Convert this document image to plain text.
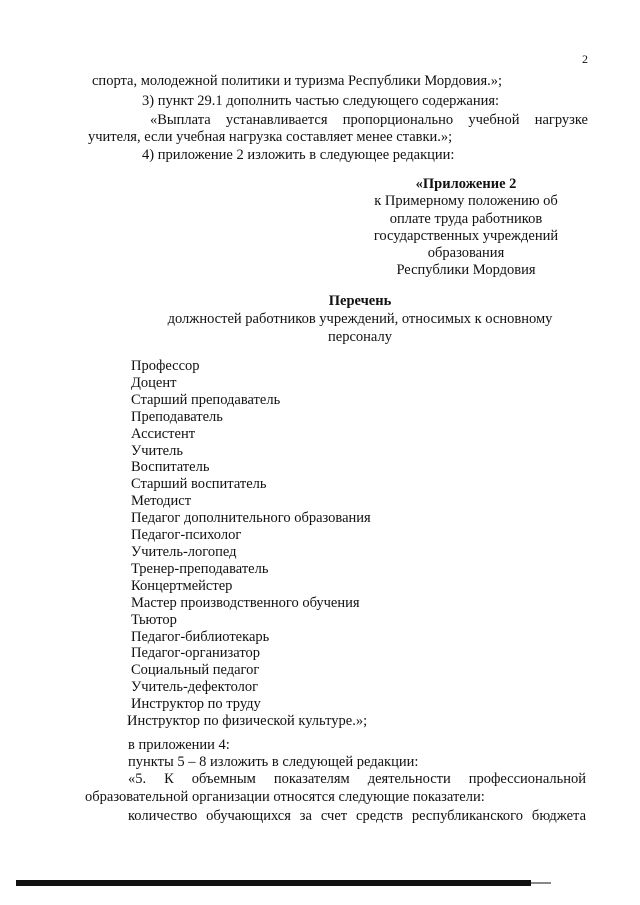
2
спорта, молодежной политики и туризма Республики Мордовия.»;
3) пункт 29.1 дополнить частью следующего содержания:
«Выплата устанавливается пропорционально учебной нагрузке
учителя, если учебная нагрузка составляет менее ставки.»;
4) приложение 2 изложить в следующее редакции:
«Приложение 2
к Примерному положению об
оплате труда работников
государственных учреждений
образования
Республики Мордовия
Перечень
должностей работников учреждений, относимых к основному
персоналу
Профессор
Доцент
Старший преподаватель
Преподаватель
Ассистент
Учитель
Воспитатель
Старший воспитатель
Методист
Педагог дополнительного образования
Педагог-психолог
Учитель-логопед
Тренер-преподаватель
Концертмейстер
Мастер производственного обучения
Тьютор
Педагог-библиотекарь
Педагог-организатор
Социальный педагог
Учитель-дефектолог
Инструктор по труду
Инструктор по физической культуре.»;
в приложении 4:
пункты 5 – 8 изложить в следующей редакции:
«5. К объемным показателям деятельности профессиональной
образовательной организации относятся следующие показатели:
количество обучающихся за счет средств республиканского бюджета
